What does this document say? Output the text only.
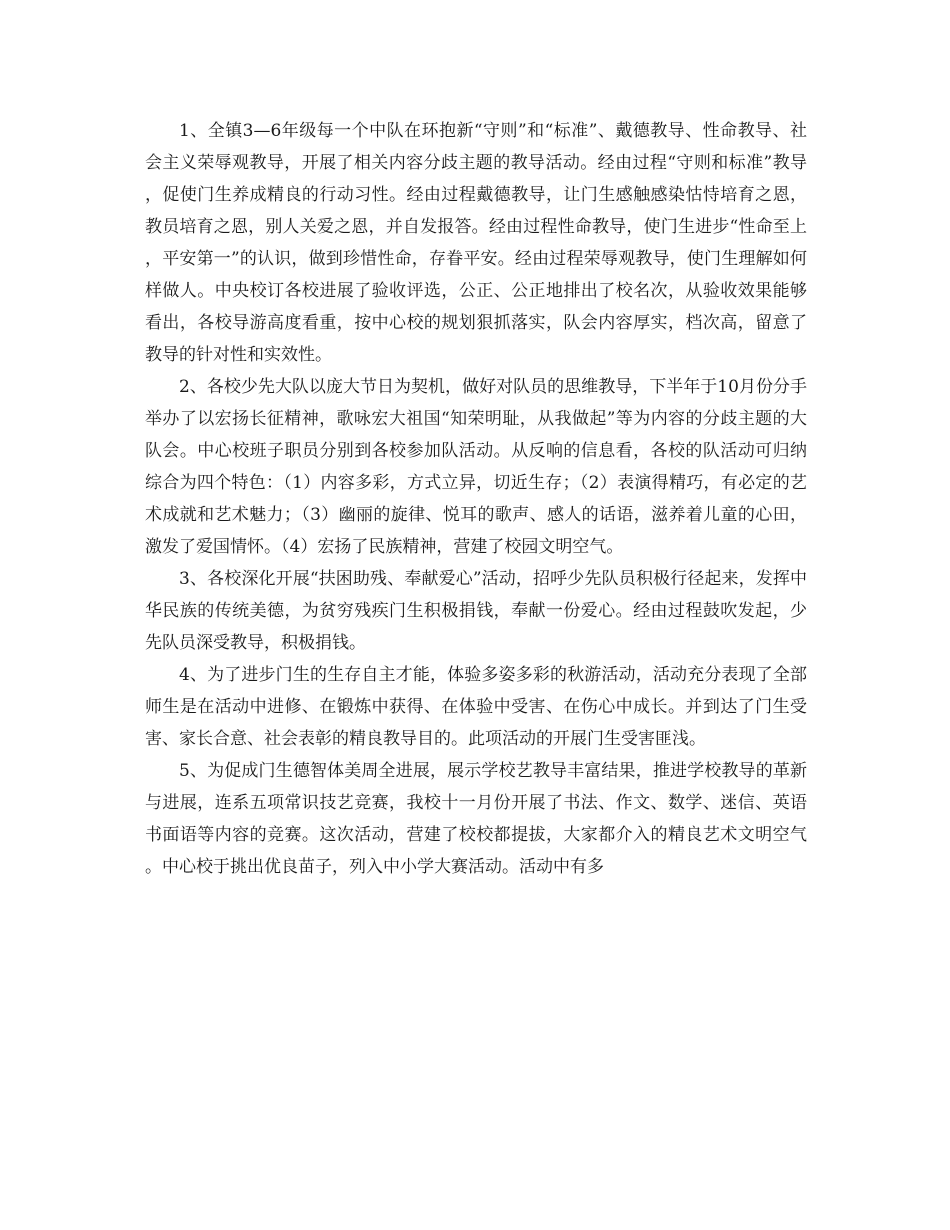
1、全镇3—6年级每一个中队在环抱新“守则”和“标准”、戴德教导、性命教导、社会主义荣辱观教导，开展了相关内容分歧主题的教导活动。经由过程“守则和标准”教导，促使门生养成精良的行动习性。经由过程戴德教导，让门生感触感染怙恃培育之恩，教员培育之恩，别人关爱之恩，并自发报答。经由过程性命教导，使门生进步“性命至上，平安第一”的认识，做到珍惜性命，存眷平安。经由过程荣辱观教导，使门生理解如何样做人。中央校订各校进展了验收评选，公正、公正地排出了校名次，从验收效果能够看出，各校导游高度看重，按中心校的规划狠抓落实，队会内容厚实，档次高，留意了教导的针对性和实效性。

2、各校少先大队以庞大节日为契机，做好对队员的思维教导，下半年于10月份分手举办了以宏扬长征精神，歌咏宏大祖国“知荣明耻，从我做起”等为内容的分歧主题的大队会。中心校班子职员分别到各校参加队活动。从反响的信息看，各校的队活动可归纳综合为四个特色：（1）内容多彩，方式立异，切近生存；（2）表演得精巧，有必定的艺术成就和艺术魅力；（3）幽丽的旋律、悦耳的歌声、感人的话语，滋养着儿童的心田，激发了爱国情怀。（4）宏扬了民族精神，营建了校园文明空气。

3、各校深化开展“扶困助残、奉献爱心”活动，招呼少先队员积极行径起来，发挥中华民族的传统美德，为贫穷残疾门生积极捐钱，奉献一份爱心。经由过程鼓吹发起，少先队员深受教导，积极捐钱。

4、为了进步门生的生存自主才能，体验多姿多彩的秋游活动，活动充分表现了全部师生是在活动中进修、在锻炼中获得、在体验中受害、在伤心中成长。并到达了门生受害、家长合意、社会表彰的精良教导目的。此项活动的开展门生受害匪浅。

5、为促成门生德智体美周全进展，展示学校艺教导丰富结果，推进学校教导的革新与进展，连系五项常识技艺竞赛，我校十一月份开展了书法、作文、数学、迷信、英语书面语等内容的竞赛。这次活动，营建了校校都提拔，大家都介入的精良艺术文明空气。中心校于挑出优良苗子，列入中小学大赛活动。活动中有多
